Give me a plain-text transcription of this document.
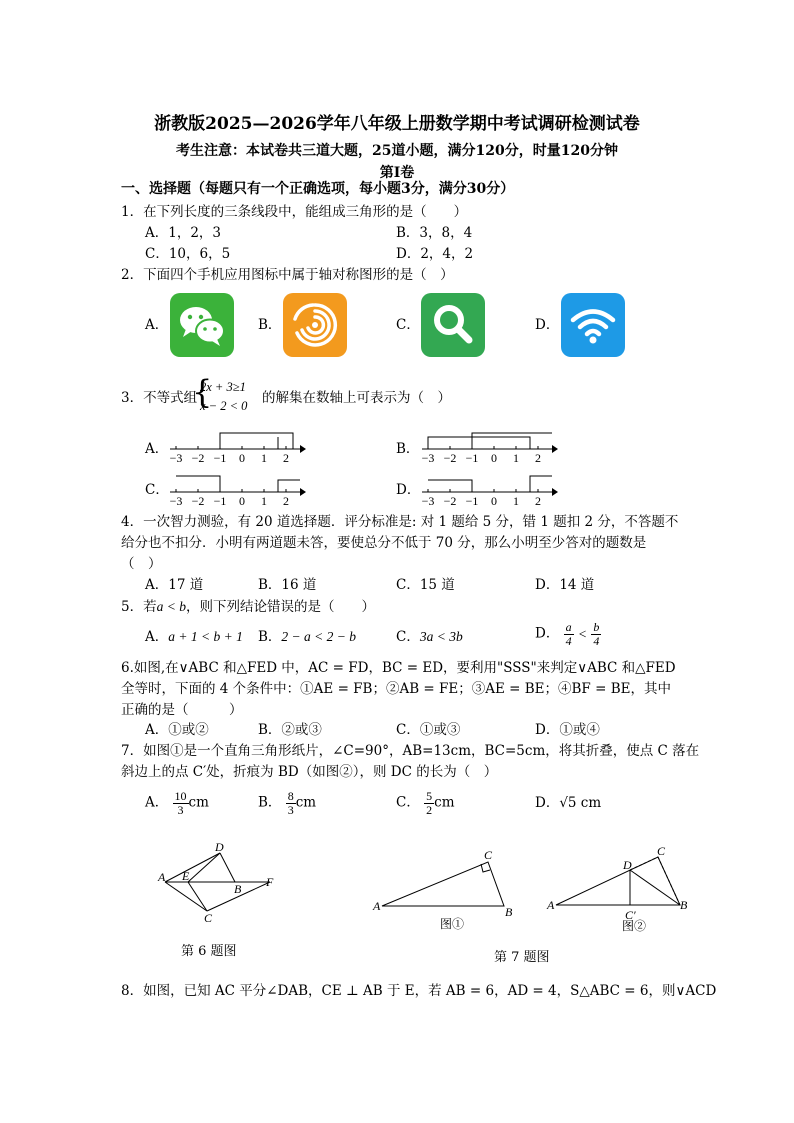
浙教版2025—2026学年八年级上册数学期中考试调研检测试卷
考生注意：本试卷共三道大题，25道小题，满分120分，时量120分钟
第Ⅰ卷
一、选择题（每题只有一个正确选项，每小题3分，满分30分）
1．在下列长度的三条线段中，能组成三角形的是（　　）
A．1，2，3	B．3，8，4
C．10，6，5	D．2，4，2
2．下面四个手机应用图标中属于轴对称图形的是（　）
A．	B．	C．	D．
3．不等式组
{
2x + 3≥1
x − 2 < 0 的解集在数轴上可表示为（　）
A．	B．
C．	D．
−3 −2 −1 0 1 2	−3 −2 −1 0 1 2
−3 −2 −1 0 1 2	−3 −2 −1 0 1 2
4．一次智力测验，有 20 道选择题．评分标准是: 对 1 题给 5 分，错 1 题扣 2 分，不答题不
给分也不扣分．小明有两道题未答，要使总分不低于 70 分，那么小明至少答对的题数是
（　）
A．17 道	B．16 道	C．15 道	D．14 道
5．若a < b，则下列结论错误的是（　　）
A．a + 1 < b + 1 B．2 − a < 2 − b	C．3a < 3b	D． $\frac{a}{4} < \frac{b}{4}$
6.如图,在∨ABC 和△FED 中，AC = FD，BC = ED，要利用"SSS"来判定∨ABC 和△FED
全等时，下面的 4 个条件中：①AE = FB；②AB = FE；③AE = BE；④BF = BE，其中
正确的是（　　　）
A．①或②	B．②或③	C．①或③	D．①或④
7．如图①是一个直角三角形纸片，∠C=90°，AB=13cm，BC=5cm，将其折叠，使点 C 落在
斜边上的点 C′处，折痕为 BD（如图②），则 DC 的长为（　）
A． $\frac{10}{3}$ cm	B． $\frac{8}{3}$ cm	C． $\frac{5}{2}$ cm	D．√5 cm
A E
D
B F
C
第 6 题图
A	B
C
图①
A	B
C
D
C′
图②
第 7 题图
8．如图，已知 AC 平分∠DAB，CE ⊥ AB 于 E，若 AB = 6，AD = 4，S△ABC = 6，则∨ACD
